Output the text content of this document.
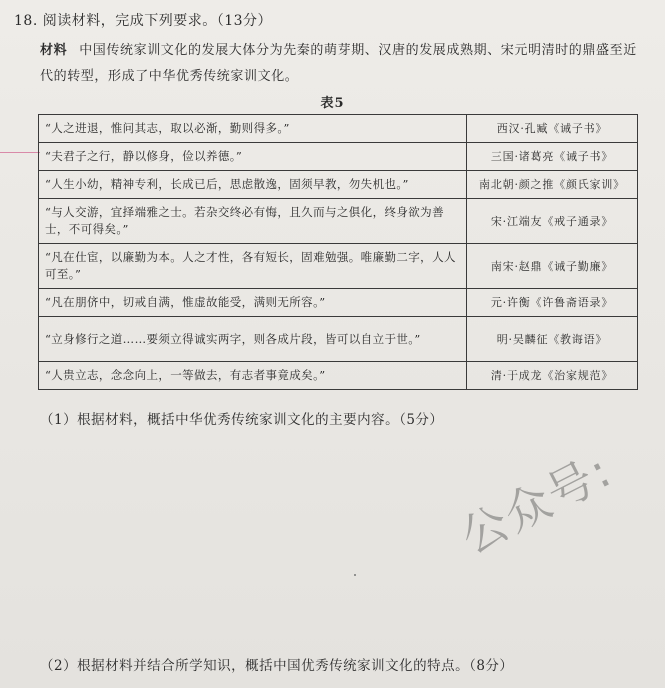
18. 阅读材料，完成下列要求。（13分）
材料 中国传统家训文化的发展大体分为先秦的萌芽期、汉唐的发展成熟期、宋元明清时的鼎盛至近代的转型，形成了中华优秀传统家训文化。
表5
“人之进退，惟问其志，取以必渐，勤则得多。”	西汉·孔臧《诫子书》
“夫君子之行，静以修身，俭以养德。”	三国·诸葛亮《诫子书》
“人生小幼，精神专利，长成已后，思虑散逸，固须早教，勿失机也。”	南北朝·颜之推《颜氏家训》
“与人交游，宜择端雅之士。若杂交终必有悔，且久而与之俱化，终身欲为善士，不可得矣。”	宋·江端友《戒子通录》
“凡在仕宦，以廉勤为本。人之才性，各有短长，固难勉强。唯廉勤二字，人人可至。”	南宋·赵鼎《诫子勤廉》
“凡在朋侪中，切戒自满，惟虚故能受，满则无所容。”	元·许衡《许鲁斋语录》
“立身修行之道……要须立得诚实两字，则各成片段，皆可以自立于世。”	明·吴麟征《教诲语》
“人贵立志，念念向上，一等做去，有志者事竟成矣。”	清·于成龙《治家规范》
（1）根据材料，概括中华优秀传统家训文化的主要内容。（5分）
公众号:
（2）根据材料并结合所学知识，概括中国优秀传统家训文化的特点。（8分）
